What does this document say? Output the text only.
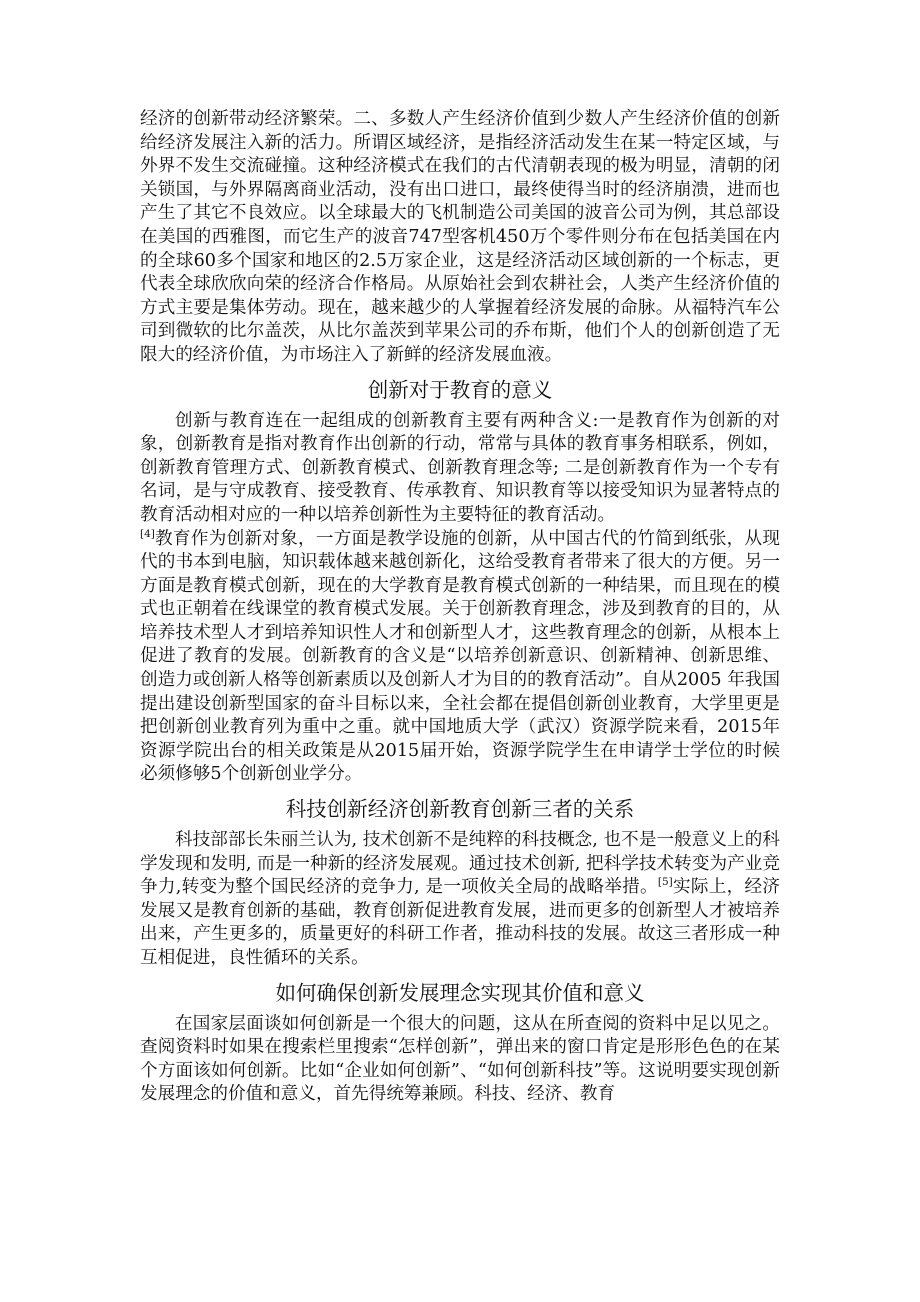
经济的创新带动经济繁荣。二、多数人产生经济价值到少数人产生经济价值的创新给经济发展注入新的活力。所谓区域经济，是指经济活动发生在某一特定区域，与外界不发生交流碰撞。这种经济模式在我们的古代清朝表现的极为明显，清朝的闭关锁国，与外界隔离商业活动，没有出口进口，最终使得当时的经济崩溃，进而也产生了其它不良效应。以全球最大的飞机制造公司美国的波音公司为例，其总部设在美国的西雅图，而它生产的波音747型客机450万个零件则分布在包括美国在内的全球60多个国家和地区的2.5万家企业，这是经济活动区域创新的一个标志，更代表全球欣欣向荣的经济合作格局。从原始社会到农耕社会，人类产生经济价值的方式主要是集体劳动。现在，越来越少的人掌握着经济发展的命脉。从福特汽车公司到微软的比尔盖茨，从比尔盖茨到苹果公司的乔布斯，他们个人的创新创造了无限大的经济价值，为市场注入了新鲜的经济发展血液。

创新对于教育的意义

创新与教育连在一起组成的创新教育主要有两种含义:一是教育作为创新的对象，创新教育是指对教育作出创新的行动，常常与具体的教育事务相联系，例如，创新教育管理方式、创新教育模式、创新教育理念等; 二是创新教育作为一个专有名词，是与守成教育、接受教育、传承教育、知识教育等以接受知识为显著特点的教育活动相对应的一种以培养创新性为主要特征的教育活动。
[4]教育作为创新对象，一方面是教学设施的创新，从中国古代的竹简到纸张，从现代的书本到电脑，知识载体越来越创新化，这给受教育者带来了很大的方便。另一方面是教育模式创新，现在的大学教育是教育模式创新的一种结果，而且现在的模式也正朝着在线课堂的教育模式发展。关于创新教育理念，涉及到教育的目的，从培养技术型人才到培养知识性人才和创新型人才，这些教育理念的创新，从根本上促进了教育的发展。创新教育的含义是“以培养创新意识、创新精神、创新思维、创造力或创新人格等创新素质以及创新人才为目的的教育活动”。自从2005 年我国提出建设创新型国家的奋斗目标以来，全社会都在提倡创新创业教育，大学里更是把创新创业教育列为重中之重。就中国地质大学（武汉）资源学院来看，2015年资源学院出台的相关政策是从2015届开始，资源学院学生在申请学士学位的时候必须修够5个创新创业学分。

科技创新经济创新教育创新三者的关系

科技部部长朱丽兰认为, 技术创新不是纯粹的科技概念, 也不是一般意义上的科学发现和发明, 而是一种新的经济发展观。通过技术创新, 把科学技术转变为产业竞争力,转变为整个国民经济的竞争力, 是一项攸关全局的战略举措。[5]实际上，经济发展又是教育创新的基础，教育创新促进教育发展，进而更多的创新型人才被培养出来，产生更多的，质量更好的科研工作者，推动科技的发展。故这三者形成一种互相促进，良性循环的关系。

如何确保创新发展理念实现其价值和意义

在国家层面谈如何创新是一个很大的问题，这从在所查阅的资料中足以见之。查阅资料时如果在搜索栏里搜索“怎样创新”，弹出来的窗口肯定是形形色色的在某个方面该如何创新。比如“企业如何创新”、“如何创新科技”等。这说明要实现创新发展理念的价值和意义，首先得统筹兼顾。科技、经济、教育
